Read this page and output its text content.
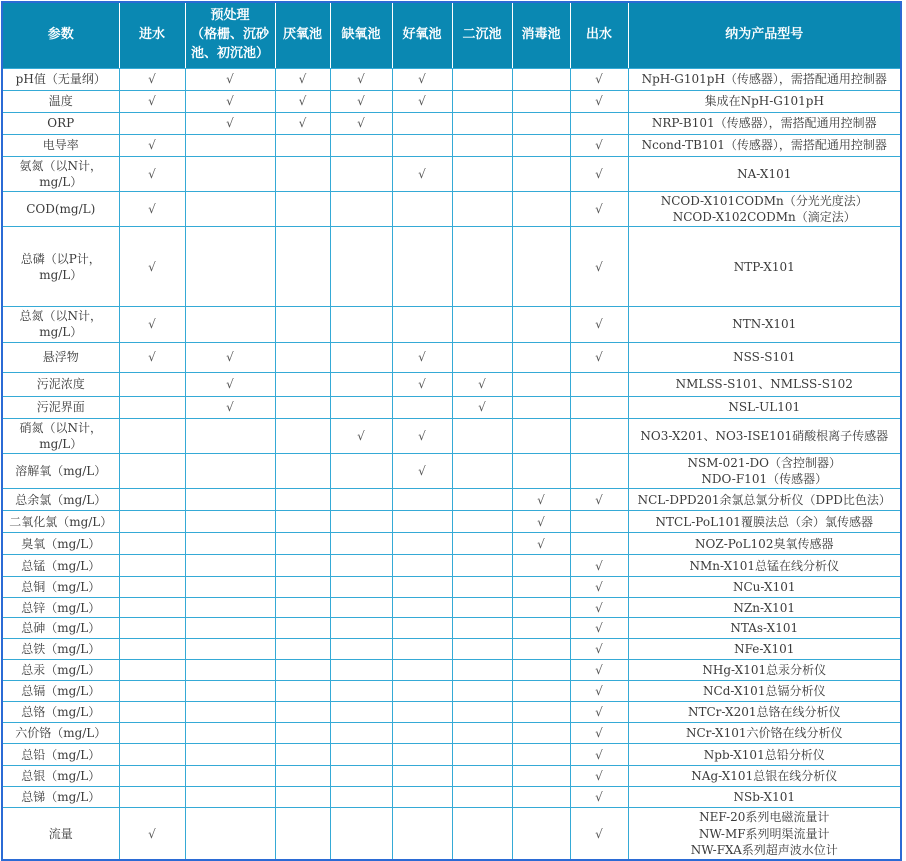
参数	进水	预处理
（格栅、沉砂
池、初沉池）	厌氧池	缺氧池	好氧池	二沉池	消毒池	出水	纳为产品型号

pH值（无量纲）	√	√	√	√	√			√	NpH-G101pH（传感器），需搭配通用控制器

温度	√	√	√	√	√			√	集成在NpH-G101pH

ORP		√	√	√					NRP-B101（传感器），需搭配通用控制器

电导率	√							√	Ncond-TB101（传感器），需搭配通用控制器

氨氮（以N计，mg/L）	√				√			√	NA-X101

COD(mg/L)	√							√	NCOD-X101CODMn（分光光度法）
NCOD-X102CODMn（滴定法）

总磷（以P计，mg/L）	√							√	NTP-X101

总氮（以N计，mg/L）	√							√	NTN-X101

悬浮物	√	√			√			√	NSS-S101

污泥浓度		√			√	√			NMLSS-S101、NMLSS-S102

污泥界面		√				√			NSL-UL101

硝氮（以N计，mg/L）				√	√				NO3-X201、NO3-ISE101硝酸根离子传感器

溶解氧（mg/L）					√				NSM-021-DO（含控制器）
NDO-F101（传感器）

总余氯（mg/L）							√	√	NCL-DPD201余氯总氯分析仪（DPD比色法）

二氧化氯（mg/L）							√		NTCL-PoL101覆膜法总（余）氯传感器

臭氧（mg/L）							√		NOZ-PoL102臭氧传感器

总锰（mg/L）								√	NMn-X101总锰在线分析仪

总铜（mg/L）								√	NCu-X101

总锌（mg/L）								√	NZn-X101

总砷（mg/L）								√	NTAs-X101

总铁（mg/L）								√	NFe-X101

总汞（mg/L）								√	NHg-X101总汞分析仪

总镉（mg/L）								√	NCd-X101总镉分析仪

总铬（mg/L）								√	NTCr-X201总铬在线分析仪

六价铬（mg/L）								√	NCr-X101六价铬在线分析仪

总铅（mg/L）								√	Npb-X101总铅分析仪

总银（mg/L）								√	NAg-X101总银在线分析仪

总锑（mg/L）								√	NSb-X101

流量	√							√	NEF-20系列电磁流量计
NW-MF系列明渠流量计
NW-FXA系列超声波水位计
